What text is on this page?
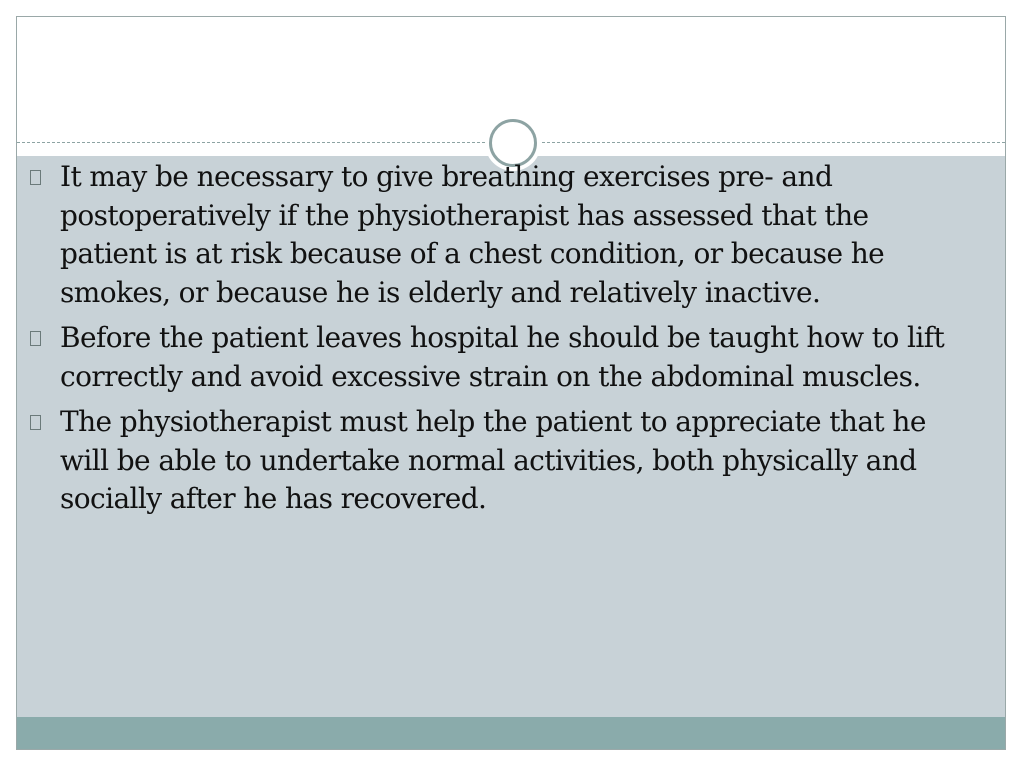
It may be necessary to give breathing exercises pre- and postoperatively if the physiotherapist has assessed that the patient is at risk because of a chest condition, or because he smokes, or because he is elderly and relatively inactive.
Before the patient leaves hospital he should be taught how to lift correctly and avoid excessive strain on the abdominal muscles.
The physiotherapist must help the patient to appreciate that he will be able to undertake normal activities, both physically and socially after he has recovered.
